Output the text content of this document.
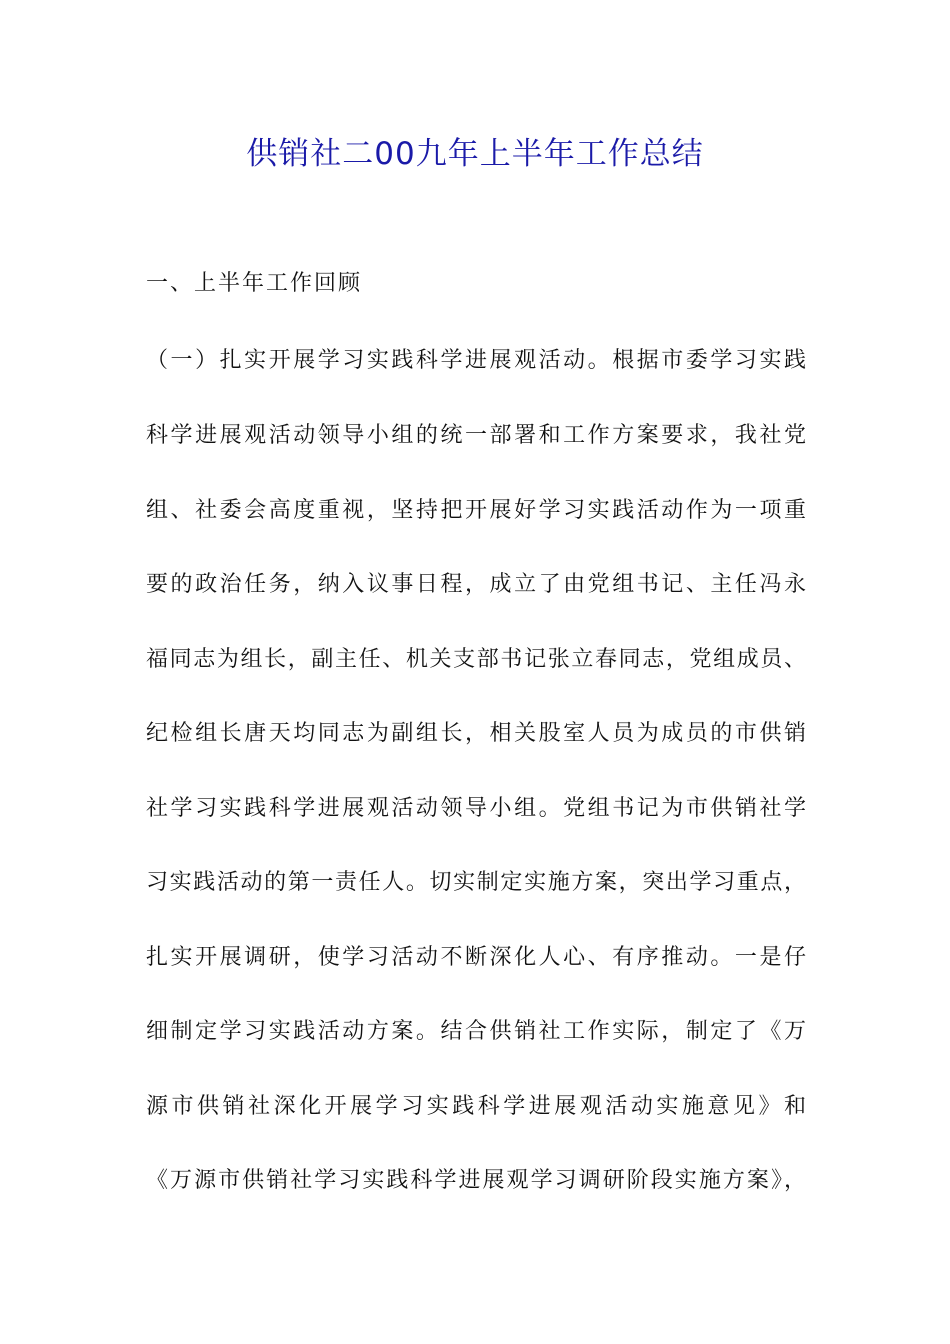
供销社二00九年上半年工作总结
一、上半年工作回顾
（一）扎实开展学习实践科学进展观活动。根据市委学习实践
科学进展观活动领导小组的统一部署和工作方案要求，我社党
组、社委会高度重视，坚持把开展好学习实践活动作为一项重
要的政治任务，纳入议事日程，成立了由党组书记、主任冯永
福同志为组长，副主任、机关支部书记张立春同志，党组成员、
纪检组长唐天均同志为副组长，相关股室人员为成员的市供销
社学习实践科学进展观活动领导小组。党组书记为市供销社学
习实践活动的第一责任人。切实制定实施方案，突出学习重点，
扎实开展调研，使学习活动不断深化人心、有序推动。一是仔
细制定学习实践活动方案。结合供销社工作实际，制定了《万
源市供销社深化开展学习实践科学进展观活动实施意见》和
《万源市供销社学习实践科学进展观学习调研阶段实施方案》，
